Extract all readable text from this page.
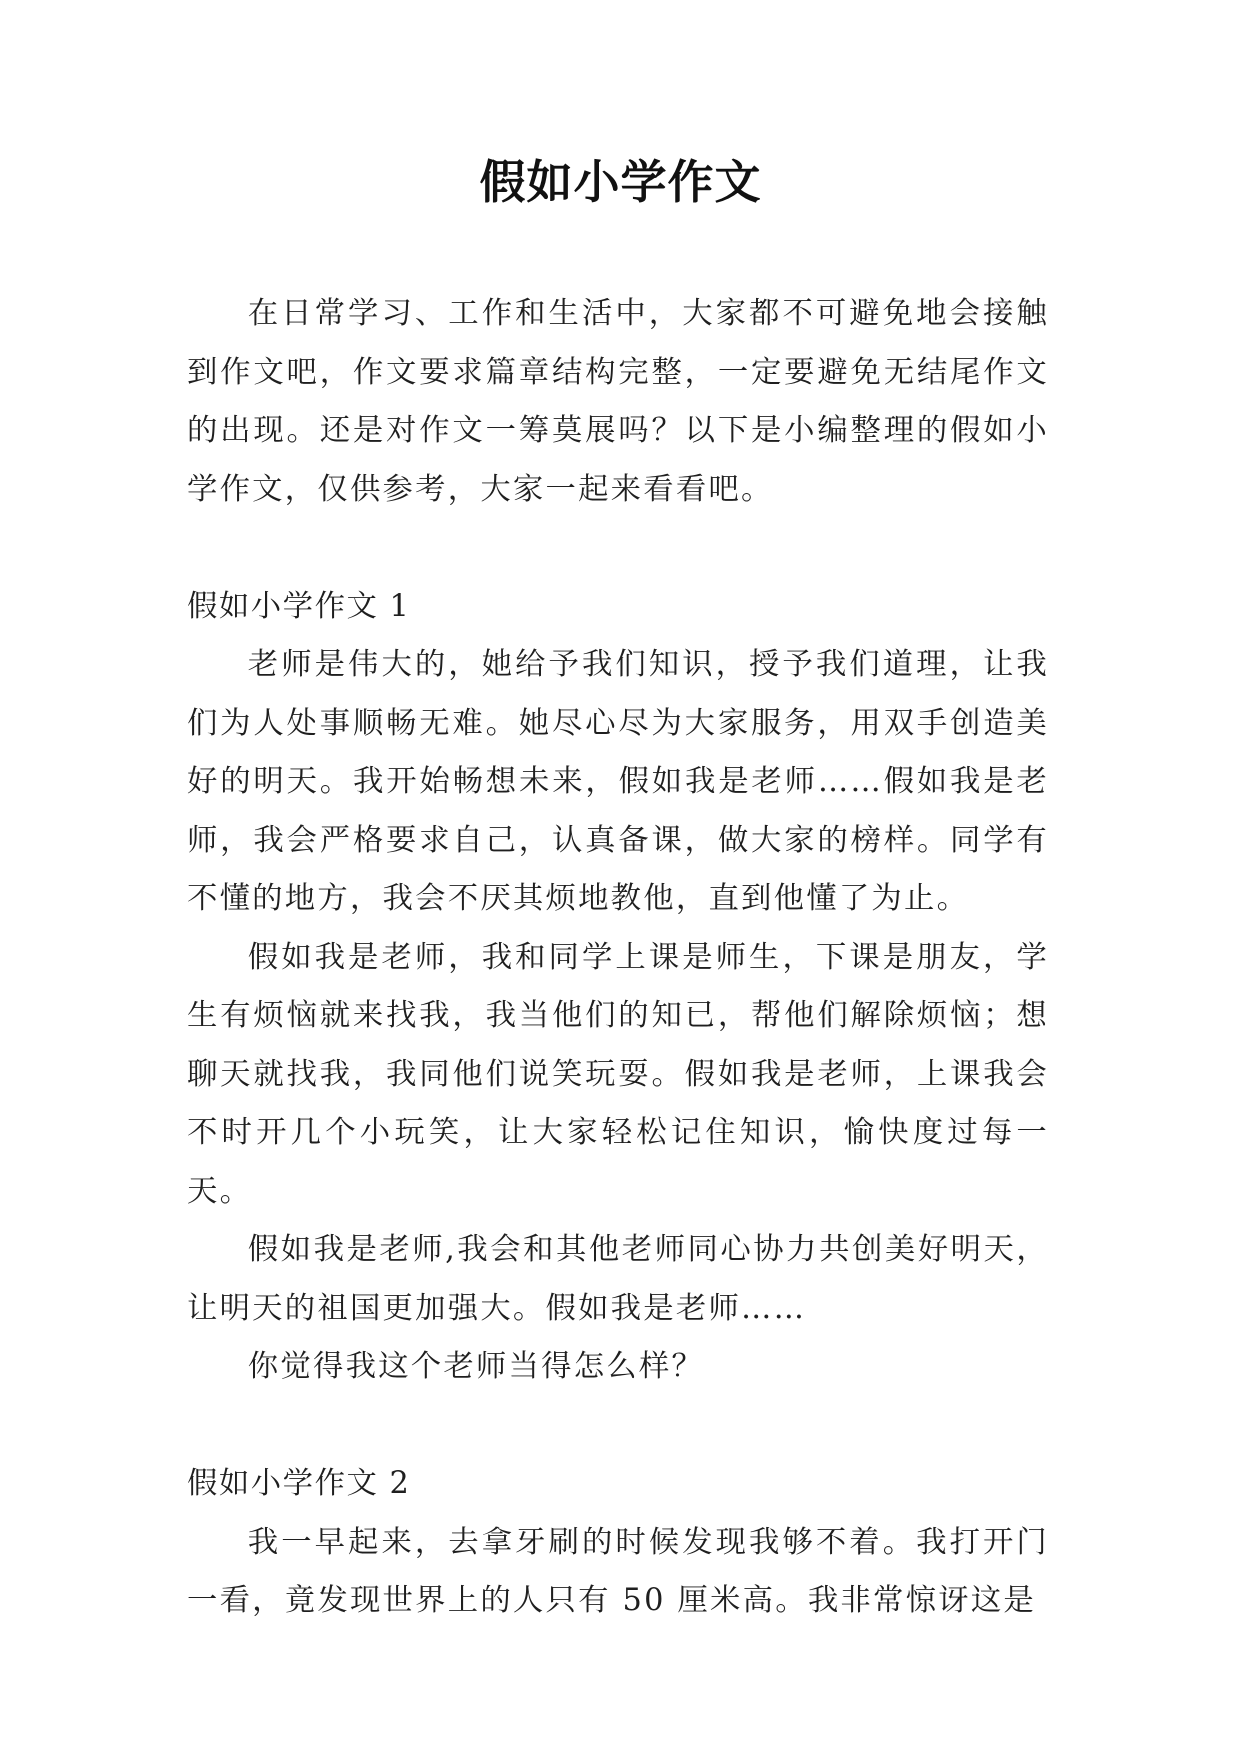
假如小学作文

在日常学习、工作和生活中，大家都不可避免地会接触到作文吧，作文要求篇章结构完整，一定要避免无结尾作文的出现。还是对作文一筹莫展吗？以下是小编整理的假如小学作文，仅供参考，大家一起来看看吧。

假如小学作文 1

老师是伟大的，她给予我们知识，授予我们道理，让我们为人处事顺畅无难。她尽心尽为大家服务，用双手创造美好的明天。我开始畅想未来，假如我是老师……假如我是老师，我会严格要求自己，认真备课，做大家的榜样。同学有不懂的地方，我会不厌其烦地教他，直到他懂了为止。

假如我是老师，我和同学上课是师生，下课是朋友，学生有烦恼就来找我，我当他们的知已，帮他们解除烦恼；想聊天就找我，我同他们说笑玩耍。假如我是老师，上课我会不时开几个小玩笑，让大家轻松记住知识，愉快度过每一天。

假如我是老师,我会和其他老师同心协力共创美好明天，让明天的祖国更加强大。假如我是老师……

你觉得我这个老师当得怎么样？

假如小学作文 2

我一早起来，去拿牙刷的时候发现我够不着。我打开门一看，竟发现世界上的人只有 50 厘米高。我非常惊讶这是
